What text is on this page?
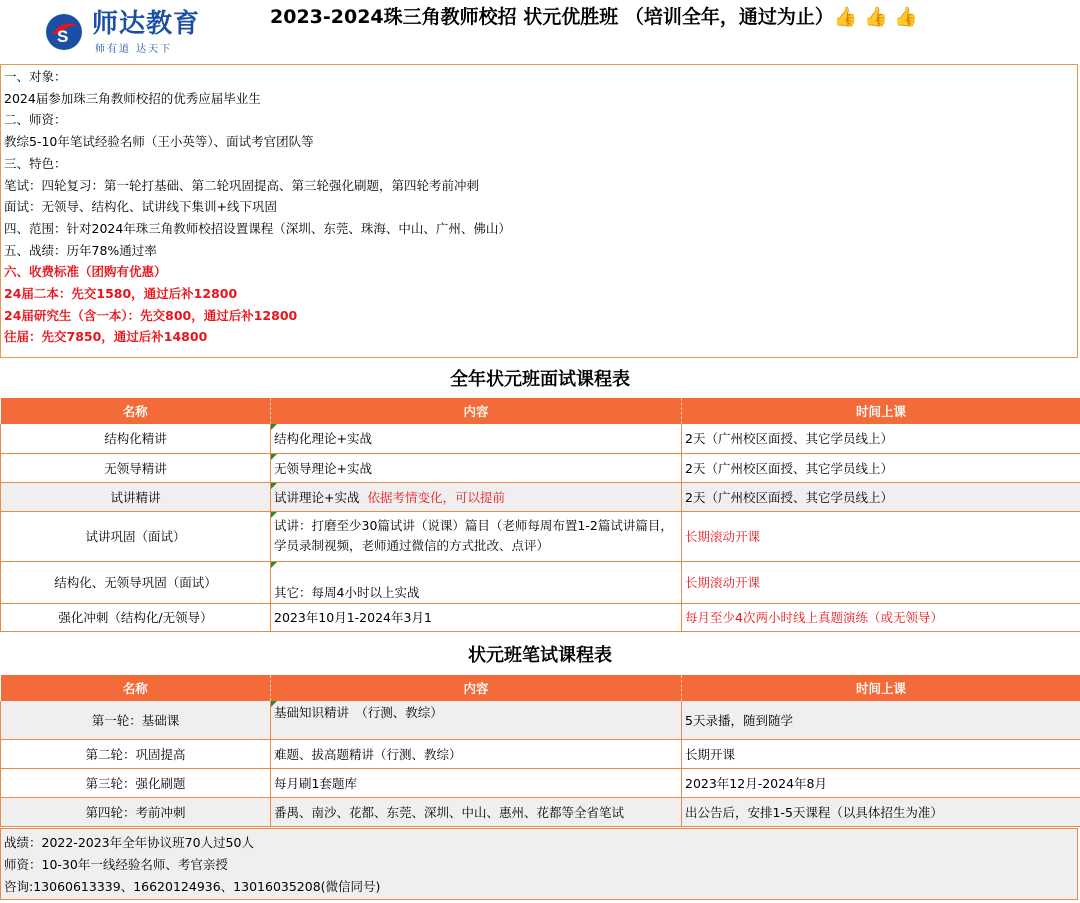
S 师达教育
师有道 达天下
2023-2024珠三角教师校招 状元优胜班 （培训全年，通过为止）👍 👍 👍
一、对象：
2024届参加珠三角教师校招的优秀应届毕业生
二、师资：
教综5-10年笔试经验名师（王小英等）、面试考官团队等
三、特色：
笔试：四轮复习：第一轮打基础、第二轮巩固提高、第三轮强化刷题，第四轮考前冲刺
面试：无领导、结构化、试讲线下集训+线下巩固
四、范围：针对2024年珠三角教师校招设置课程（深圳、东莞、珠海、中山、广州、佛山）
五、战绩：历年78%通过率
六、收费标准（团购有优惠）
24届二本：先交1580，通过后补12800
24届研究生（含一本）：先交800，通过后补12800
往届：先交7850，通过后补14800
全年状元班面试课程表
名称	内容	时间上课
结构化精讲	结构化理论+实战	2天（广州校区面授、其它学员线上）
无领导精讲	无领导理论+实战	2天（广州校区面授、其它学员线上）
试讲精讲	试讲理论+实战 依据考情变化，可以提前	2天（广州校区面授、其它学员线上）
试讲巩固（面试）	试讲：打磨至少30篇试讲（说课）篇目（老师每周布置1-2篇试讲篇目，学员录制视频，老师通过微信的方式批改、点评）	长期滚动开课
结构化、无领导巩固（面试）	其它：每周4小时以上实战	长期滚动开课
强化冲刺（结构化/无领导）	2023年10月1-2024年3月1	每月至少4次两小时线上真题演练（或无领导）
状元班笔试课程表
名称	内容	时间上课
第一轮：基础课	基础知识精讲　（行测、教综）	5天录播，随到随学
第二轮：巩固提高	难题、拔高题精讲（行测、教综）	长期开课
第三轮：强化刷题	每月刷1套题库	2023年12月-2024年8月
第四轮：考前冲刺	番禺、南沙、花都、东莞、深圳、中山、惠州、花都等全省笔试	出公告后，安排1-5天课程（以具体招生为准）
战绩：2022-2023年全年协议班70人过50人
师资：10-30年一线经验名师、考官亲授
咨询:13060613339、16620124936、13016035208(微信同号)
